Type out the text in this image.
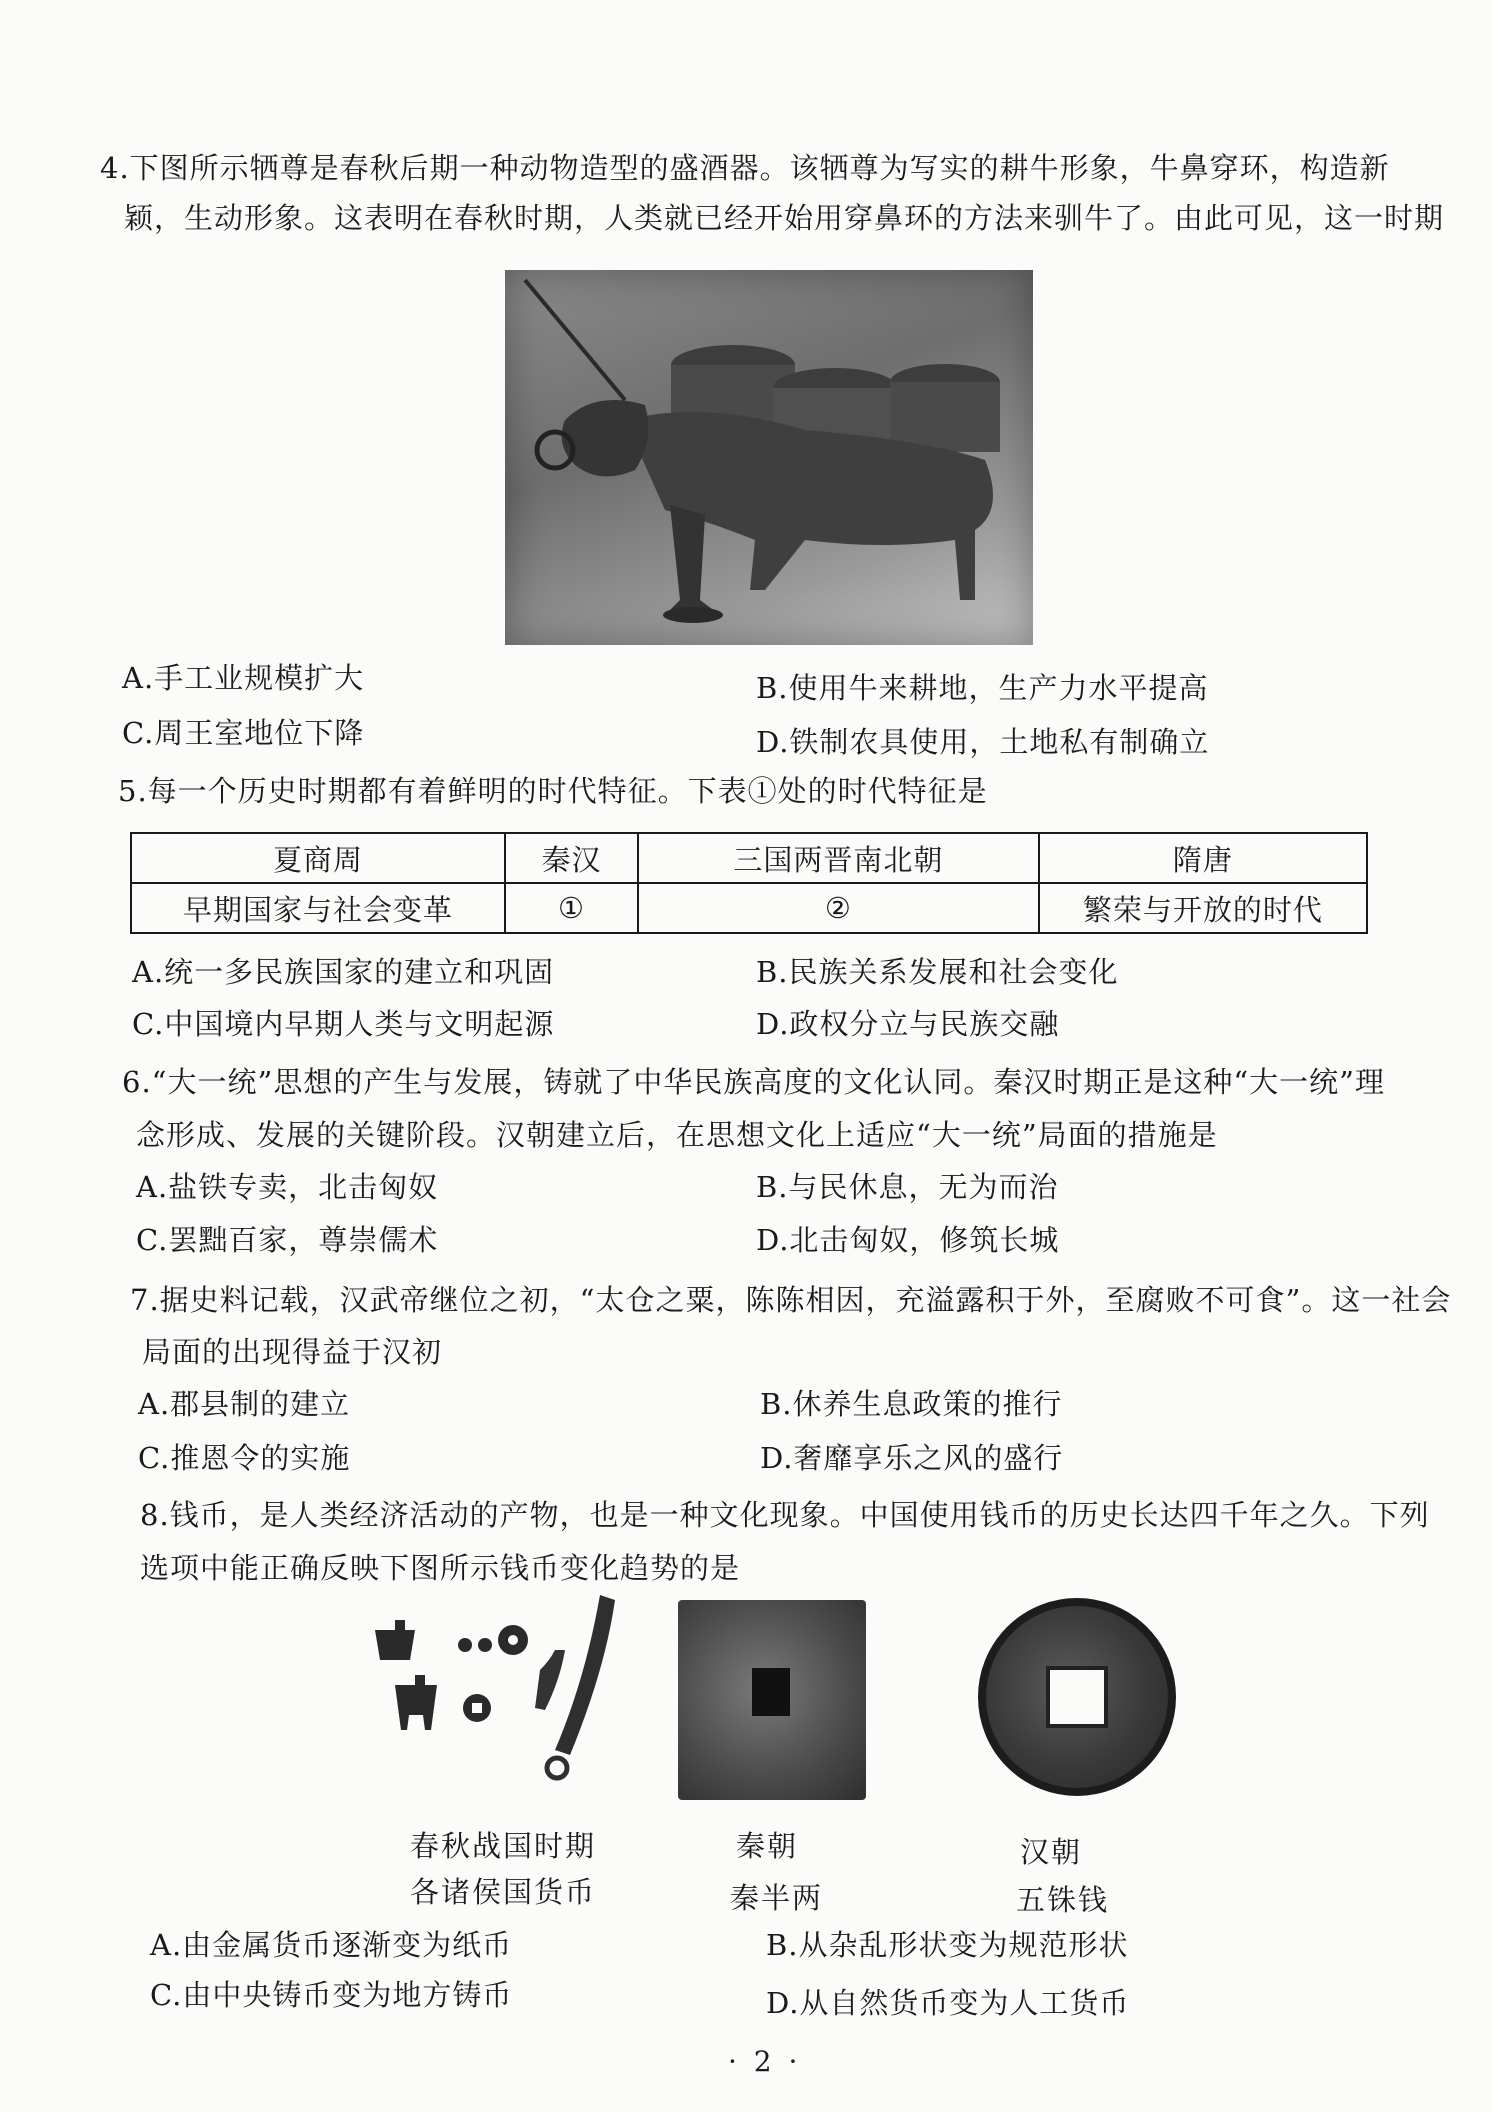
4.下图所示牺尊是春秋后期一种动物造型的盛酒器。该牺尊为写实的耕牛形象，牛鼻穿环，构造新
颖，生动形象。这表明在春秋时期，人类就已经开始用穿鼻环的方法来驯牛了。由此可见，这一时期
A.手工业规模扩大	B.使用牛来耕地，生产力水平提高
C.周王室地位下降	D.铁制农具使用，土地私有制确立
5.每一个历史时期都有着鲜明的时代特征。下表①处的时代特征是
夏商周	秦汉	三国两晋南北朝	隋唐
早期国家与社会变革	①	②	繁荣与开放的时代
A.统一多民族国家的建立和巩固	B.民族关系发展和社会变化
C.中国境内早期人类与文明起源	D.政权分立与民族交融
6.“大一统”思想的产生与发展，铸就了中华民族高度的文化认同。秦汉时期正是这种“大一统”理
念形成、发展的关键阶段。汉朝建立后，在思想文化上适应“大一统”局面的措施是
A.盐铁专卖，北击匈奴	B.与民休息，无为而治
C.罢黜百家，尊崇儒术	D.北击匈奴，修筑长城
7.据史料记载，汉武帝继位之初，“太仓之粟，陈陈相因，充溢露积于外，至腐败不可食”。这一社会
局面的出现得益于汉初
A.郡县制的建立	B.休养生息政策的推行
C.推恩令的实施	D.奢靡享乐之风的盛行
8.钱币，是人类经济活动的产物，也是一种文化现象。中国使用钱币的历史长达四千年之久。下列
选项中能正确反映下图所示钱币变化趋势的是
春秋战国时期
各诸侯国货币
秦朝
秦半两
汉朝
五铢钱
A.由金属货币逐渐变为纸币	B.从杂乱形状变为规范形状
C.由中央铸币变为地方铸币	D.从自然货币变为人工货币
· 2 ·
